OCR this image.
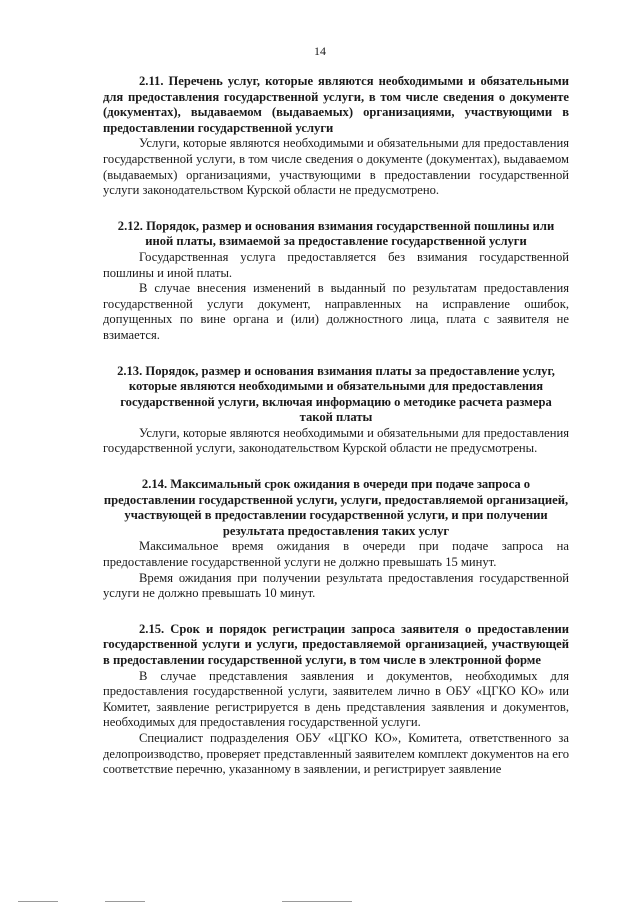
14

2.11. Перечень услуг, которые являются необходимыми и обязательными для предоставления государственной услуги, в том числе сведения о документе (документах), выдаваемом (выдаваемых) организациями, участвующими в предоставлении государственной услуги

Услуги, которые являются необходимыми и обязательными для предоставления государственной услуги, в том числе сведения о документе (документах), выдаваемом (выдаваемых) организациями, участвующими в предоставлении государственной услуги законодательством Курской области не предусмотрено.

2.12. Порядок, размер и основания взимания государственной пошлины или иной платы, взимаемой за предоставление государственной услуги

Государственная услуга предоставляется без взимания государственной пошлины и иной платы.

В случае внесения изменений в выданный по результатам предоставления государственной услуги документ, направленных на исправление ошибок, допущенных по вине органа и (или) должностного лица, плата с заявителя не взимается.

2.13. Порядок, размер и основания взимания платы за предоставление услуг, которые являются необходимыми и обязательными для предоставления государственной услуги, включая информацию о методике расчета размера такой платы

Услуги, которые являются необходимыми и обязательными для предоставления государственной услуги, законодательством Курской области не предусмотрены.

2.14. Максимальный срок ожидания в очереди при подаче запроса о предоставлении государственной услуги, услуги, предоставляемой организацией, участвующей в предоставлении государственной услуги, и при получении результата предоставления таких услуг

Максимальное время ожидания в очереди при подаче запроса на предоставление государственной услуги не должно превышать 15 минут.

Время ожидания при получении результата предоставления государственной услуги не должно превышать 10 минут.

2.15. Срок и порядок регистрации запроса заявителя о предоставлении государственной услуги и услуги, предоставляемой организацией, участвующей в предоставлении государственной услуги, в том числе в электронной форме

В случае представления заявления и документов, необходимых для предоставления государственной услуги, заявителем лично в ОБУ «ЦГКО КО» или Комитет, заявление регистрируется в день представления заявления и документов, необходимых для предоставления государственной услуги.

Специалист подразделения ОБУ «ЦГКО КО», Комитета, ответственного за делопроизводство, проверяет представленный заявителем комплект документов на его соответствие перечню, указанному в заявлении, и регистрирует заявление
